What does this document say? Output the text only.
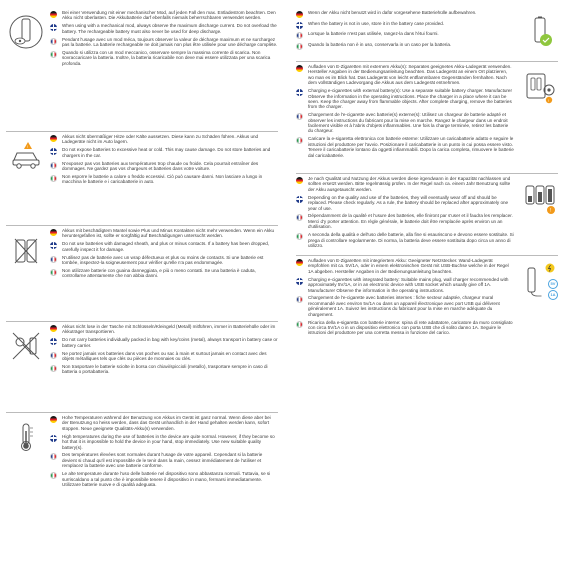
Bei einer Verwendung mit einer mechanischer Mod, auf jeden Fall den max. Entladestrom beachten. Den Akku nicht überlasten. Die Akkubatterie darf ebenfalls niemals beherrschbaren verwendet werden.
When using with a mechanical mod, always observe the maximum discharge current. Do not overload the battery. The rechargeable battery must also never be used for deep discharge.
Pendant l'usage avec un mod méca, toujours observer la valeur de décharge maximum et ne surchargez pas la batterie. La batterie rechargeable ne doit jamais non plus être utilisée pour une décharge complète.
Quando si utilizza con un mod meccanico, osservare sempre la massima corrente di scarica. Non sovraccaricare la batteria. Inoltre, la batteria ricaricabile non deve mai essere utilizzata per una scarica profonda.
!
Akkus nicht übermäßiger Hitze oder Kälte aussetzen. Diese kann zu Schäden führen. Akkus und Ladegeräte nicht im Auto lagern.
Do not expose batteries to excessive heat or cold. This may cause damage. Do not store batteries and chargers in the car.
N'exposez pas vos batteries aux températures trop chaude ou froide. Cela pourrait entraîner des dommages. Ne gardez pas vos chargeurs et batteries dans votre voiture.
Non esporre le batterie a calore o freddo eccessivi. Ciò può causare danni. Non lasciare a lungo in macchina le batterie e i caricabatterie in auto.
Akkus mit beschädigtem Mantel sowie Plus und Minus Kontakten nicht mehr verwenden. Wenn ein Akku heruntergefallen ist, sollte er sorgfältig auf Beschädigungen untersucht werden.
Do not use batteries with damaged sheath, and plus or minus contacts. If a battery has been dropped, carefully inspect it for damage.
N'utilisez pas de batterie avec un wrap défectueux et plus ou moins de contacts. Si une batterie est tombée, inspectez-la soigneusement pour vérifier qu'elle n'a pas endommagée.
Non utilizzare batterie con guaina danneggiata, e più o meno contatti. Se una batteria è caduta, controllarne attentamente che non abbia danni.
Akkus nicht lose in der Tasche mit Schlüsseln/Kleingeld (Metall) mitführen, immer in Batteriehülle oder im Akkuträger transportieren.
Do not carry batteries individually packed in bag with key/coins (metal), always transport in battery case or battery carrier.
Ne portez jamais vos batteries dans vos poches ou sac à main et surtout jamais en contact avec des objets métalliques tels que clés ou pièces de monnaies ou clés.
Non trasportare le batterie sciolte in borsa con chiavi/spiccioli (metallo), trasportare sempre in caso di batteria o portabatteria.
Hohe Temperaturen während der Benutzung von Akkus im Gerät ist ganz normal. Wenn diese aber bei der Benutzung so heiss werden, dass das Gerät unhandlich in der Hand gehalten werden kann, sofort stoppen. Neue geeignete Qualitäts-Akku(s) verwenden.
High temperatures during the use of batteries in the device are quite normal. However, if they become so hot that it is impossible to hold the device in your hand, stop immediately. Use new suitable quality battery(s).
Des températures élevées sont normales durant l'usage de votre appareil. Cependant si la batterie devient si chaud qu'il est impossible de le tenir dans la main, cessez immédiatement de l'utiliser et remplacez la batterie avec une batterie conforme.
Le alte temperature durante l'uso delle batterie nel dispositivo sono abbastanza normali. Tuttavia, se si surriscaldano a tal punto che è impossibile tenere il dispositivo in mano, fermarsi immediatamente. Utilizzare batterie nuove e di qualità adeguata.
Wenn der Akku nicht benutzt wird in dafür vorgesehene Batteriehülle aufbewahren.
When the battery is not in use, store it in the battery case provided.
Lorsque la batterie n'est pas utilisée, rangez-la dans l'étui fourni.
Quando la batteria non è in uso, conservarla in un caso per la batteria.
!
Aufladen von E-Zigaretten mit externem Akku(s): Separates geeignetes Akku-Ladegerät verwenden. Hersteller Angaben in der Bedienungsanleitung beachten. Das Ladegerät an einem Ort platzieren, wo man es im Blick hat. Das Ladegerät von leicht entflammbaren Gegenständen fernhalten. Nach dem vollständigen Ladevorgang die Akkus aus dem Ladegerät entnehmen.
Charging e-cigarettes with external battery(s): Use a separate suitable battery charger. Manufacturer Observe the information in the operating instructions. Place the charger in a place where it can be seen. Keep the charger away from flammable objects. After complete charging, remove the batteries from the charger.
Chargement de l'e-cigarette avec batterie(s) externe(s): Utilisez un chargeur de batterie adapté et observer les instructions du fabricant pour la mise en marche. Rangez le chargeur dans un endroit facilement visible et à l'abris d'objets inflammables. Une fois la charge terminée, retirez les batterie du chargeur.
Caricare la e-sigaretta elettronica con batterie esterne: Utilizzare un caricabatterie adatto e seguire le istruzioni del produttore per l'avvio. Posizionare il caricabatterie in un punto in cui possa essere visto. Tenere il caricabatterie lontano da oggetti infiammabili. Dopo la carica completa, rimuovere le batterie dal caricabatterie.
!
Je nach Qualität und Nutzung der Akkus werden diese irgendwann in der Kapazität nachlassen und sollten ersetzt werden. Bitte regelmässig prüfen. In der Regel nach ca. einem Jahr Benutzung sollte der Akku ausgetauscht werden.
Depending on the quality and use of the batteries, they will eventually wear off and should be replaced. Please check regularly. As a rule, the battery should be replaced after approximately one year of use.
Dépendamment de la qualité et l'usure des batteries, elle finiront par s'user et il faudra les remplacer. Merci d'y porter attention. En règle générale, le batterie doit être remplacée après environ un an d'utilisation.
A seconda della qualità e dell'uso delle batterie, alla fine si esauriscono e devono essere sostituite. Si prega di controllare regolarmente. Di norma, la batteria deve essere sostituita dopo circa un anno di utilizzo.
5V
1A
Aufladen von E-Zigaretten mit integriertem Akku: Geeigneter Netzstecker. Wand-Ladegerät empfohlen mit ca. 5V/1A, oder in einem elektronischen Gerät mit USB-Buchse welche in der Regel 1A abgeben. Hersteller Angaben in der Bedienungsanleitung beachten.
Charging e-cigarettes with integrated battery: Suitable mains plug, wall charger recommended with approximately 5V/1A, or in an electronic device with USB socket which usually give off 1A. Manufacturer Observe the information in the operating instructions.
Chargement de l'e-cigarette avec batteries internes : fiche secteur adaptée, chargeur mural recommandé avec environ 5v/1A ou dans un appareil électronique avec port USB qui délivrent généralement 1A. Suivez les instructions du fabricant pour la mise en marche adéquate du chargement.
Ricarica della e-sigaretta con batterie interne: spina di rete adattatore, caricatore da muro consigliato con circa 5V/1A o in un dispositivo elettronico con porta USB che di solito danno 1A. Seguire le istruzioni del produttore per una corretta messa in funzione del carico.
